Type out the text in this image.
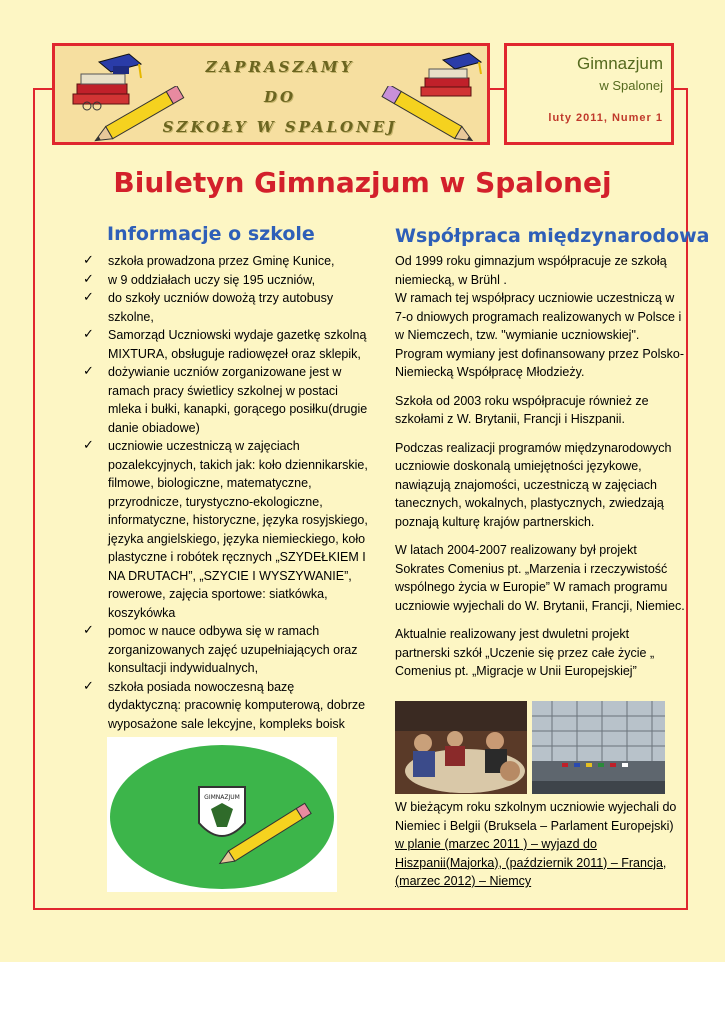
ZAPRASZAMY
DO
SZKOŁY W SPALONEJ
Gimnazjum
w Spalonej
luty 2011, Numer 1
Biuletyn Gimnazjum w Spalonej
Informacje o szkole
✓ szkoła prowadzona przez Gminę Kunice,
✓ w 9 oddziałach uczy się 195 uczniów,
✓ do szkoły uczniów dowożą trzy autobusy szkolne,
✓ Samorząd Uczniowski wydaje gazetkę szkolną MIXTURA, obsługuje radiowęzeł oraz sklepik,
✓ dożywianie uczniów zorganizowane jest w ramach pracy świetlicy szkolnej w postaci mleka i bułki, kanapki, gorącego posiłku(drugie danie obiadowe)
✓ uczniowie uczestniczą w zajęciach pozalekcyjnych, takich jak: koło dziennikarskie, filmowe, biologiczne, matematyczne, przyrodnicze, turystyczno-ekologiczne, informatyczne, historyczne, języka rosyjskiego, języka angielskiego, języka niemieckiego, koło plastyczne i robótek ręcznych „SZYDEŁKIEM I NA DRUTACH”, „SZYCIE I WYSZYWANIE”, rowerowe, zajęcia sportowe: siatkówka, koszykówka
✓ pomoc w nauce odbywa się w ramach zorganizowanych zajęć uzupełniających oraz konsultacji indywidualnych,
✓ szkoła posiada nowoczesną bazę dydaktyczną: pracownię komputerową, dobrze wyposażone sale lekcyjne, kompleks boisk
GIMNAZJUM
Współpraca międzynarodowa

Od 1999 roku gimnazjum współpracuje ze szkołą niemiecką, w Brühl .
W ramach tej współpracy uczniowie uczestniczą w 7-o dniowych programach realizowanych w Polsce i w Niemczech, tzw. "wymianie uczniowskiej". Program wymiany jest dofinansowany przez Polsko-Niemiecką Współpracę Młodzieży.

Szkoła od 2003 roku współpracuje również ze szkołami z W. Brytanii, Francji i Hiszpanii.

Podczas realizacji programów międzynarodowych uczniowie doskonalą umiejętności językowe, nawiązują znajomości, uczestniczą w zajęciach tanecznych, wokalnych, plastycznych, zwiedzają poznają kulturę krajów partnerskich.

W latach 2004-2007 realizowany był projekt Sokrates Comenius pt. „Marzenia i rzeczywistość wspólnego życia w Europie” W ramach programu uczniowie wyjechali do W. Brytanii, Francji, Niemiec.

Aktualnie realizowany jest dwuletni projekt partnerski szkół „Uczenie się przez całe życie „ Comenius pt. „Migracje w Unii Europejskiej”

W bieżącym roku szkolnym uczniowie wyjechali do Niemiec i Belgii (Bruksela – Parlament Europejski) w planie (marzec 2011 ) – wyjazd do Hiszpanii(Majorka), (październik 2011) – Francja, (marzec 2012) – Niemcy
